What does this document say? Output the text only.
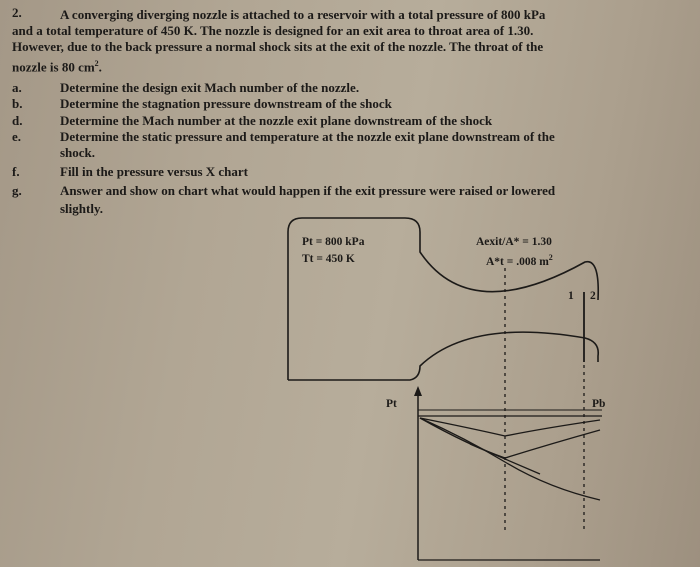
2.	A converging diverging nozzle is attached to a reservoir with a total pressure of 800 kPa
and a total temperature of 450 K. The nozzle is designed for an exit area to throat area of 1.30.
However, due to the back pressure a normal shock sits at the exit of the nozzle. The throat of the
nozzle is 80 $cm^2$.
a.	Determine the design exit Mach number of the nozzle.
b.	Determine the stagnation pressure downstream of the shock
d.	Determine the Mach number at the nozzle exit plane downstream of the shock
e.	Determine the static pressure and temperature at the nozzle exit plane downstream of the
shock.
f.	Fill in the pressure versus X chart
g.	Answer and show on chart what would happen if the exit pressure were raised or lowered
slightly.
Pt = 800 kPa
Tt = 450 K
Aexit/A* = 1.30
A*t = .008 $m^2$
1 2
Pt	Pb
